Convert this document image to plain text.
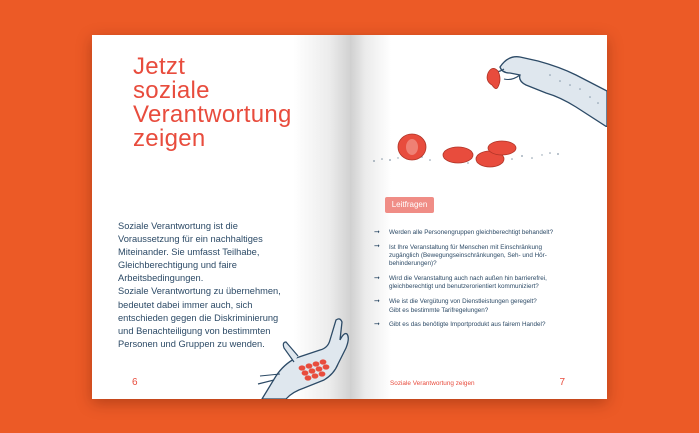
Jetzt
soziale
Verantwortung
zeigen

Soziale Verantwortung ist die
Voraussetzung für ein nachhaltiges
Miteinander. Sie umfasst Teilhabe,
Gleichberechtigung und faire
Arbeitsbedingungen.
Soziale Verantwortung zu übernehmen,
bedeutet dabei immer auch, sich
entschieden gegen die Diskriminierung
und Benachteiligung von bestimmten
Personen und Gruppen zu wenden.

6
Leitfragen
➞ Werden alle Personengruppen gleichberechtigt behandelt?
➞ Ist Ihre Veranstaltung für Menschen mit Einschränkung
zugänglich (Bewegungseinschränkungen, Seh- und Hör-
behinderungen)?
➞ Wird die Veranstaltung auch nach außen hin barrierefrei,
gleichberechtigt und benutzerorientiert kommuniziert?
➞ Wie ist die Vergütung von Dienstleistungen geregelt?
Gibt es bestimmte Tarifregelungen?
➞ Gibt es das benötigte Importprodukt aus fairem Handel?
Soziale Verantwortung zeigen	7
